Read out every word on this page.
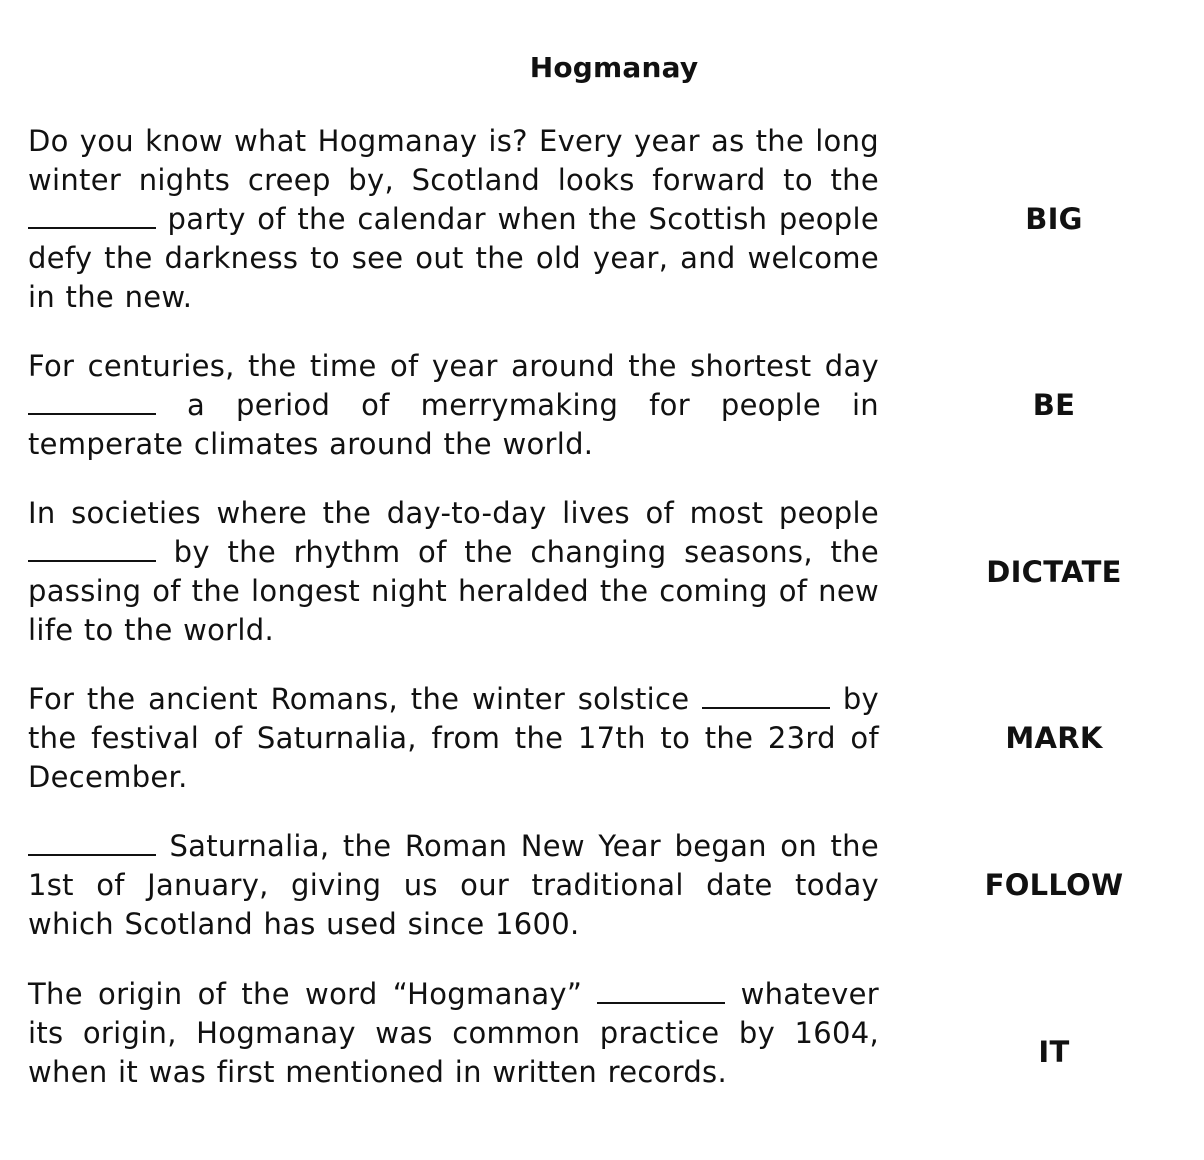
Hogmanay
Do you know what Hogmanay is? Every year as the long winter nights creep by, Scotland looks forward to the  party of the calendar when the Scottish people defy the darkness to see out the old year, and welcome in the new.
BIG
For centuries, the time of year around the shortest day  a period of merrymaking for people in temperate climates around the world.
BE
In societies where the day-to-day lives of most people  by the rhythm of the changing seasons, the passing of the longest night heralded the coming of new life to the world.
DICTATE
For the ancient Romans, the winter solstice	by the festival of Saturnalia, from the 17th to the 23rd of December.
MARK
Saturnalia, the Roman New Year began on the 1st of January, giving us our traditional date today which Scotland has used since 1600.
FOLLOW
The origin of the word “Hogmanay”	whatever its origin, Hogmanay was common practice by 1604, when it was first mentioned in written records.
IT
